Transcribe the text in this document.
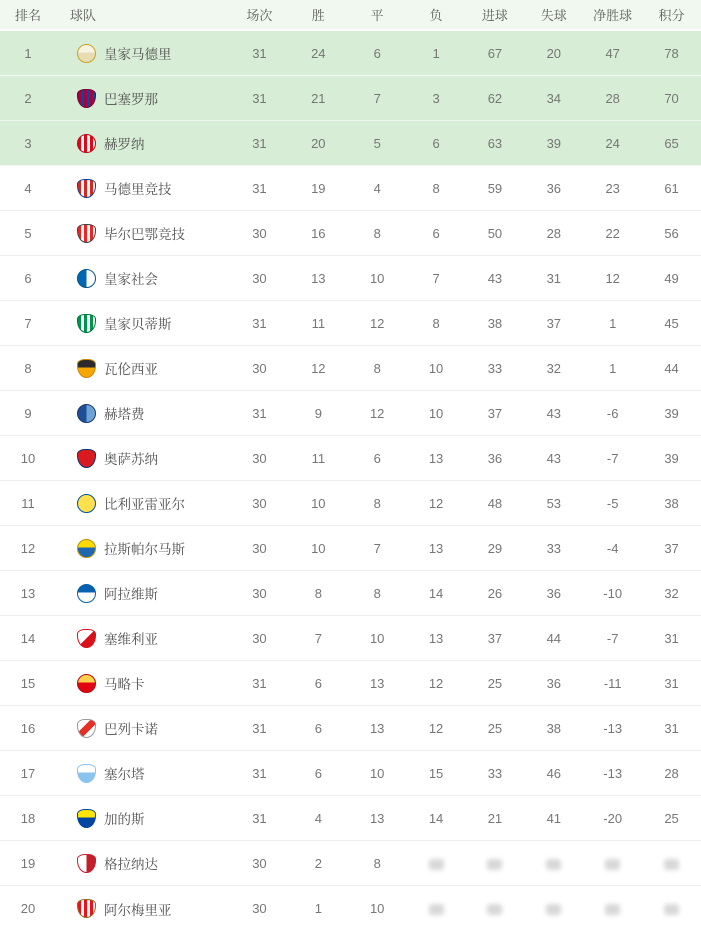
排名	球队	场次	胜	平	负	进球	失球	净胜球	积分
1	皇家马德里	31	24	6	1	67	20	47	78
2	巴塞罗那	31	21	7	3	62	34	28	70
3	赫罗纳	31	20	5	6	63	39	24	65
4	马德里竞技	31	19	4	8	59	36	23	61
5	毕尔巴鄂竞技	30	16	8	6	50	28	22	56
6	皇家社会	30	13	10	7	43	31	12	49
7	皇家贝蒂斯	31	11	12	8	38	37	1	45
8	瓦伦西亚	30	12	8	10	33	32	1	44
9	赫塔费	31	9	12	10	37	43	-6	39
10	奥萨苏纳	30	11	6	13	36	43	-7	39
11	比利亚雷亚尔	30	10	8	12	48	53	-5	38
12	拉斯帕尔马斯	30	10	7	13	29	33	-4	37
13	阿拉维斯	30	8	8	14	26	36	-10	32
14	塞维利亚	30	7	10	13	37	44	-7	31
15	马略卡	31	6	13	12	25	36	-11	31
16	巴列卡诺	31	6	13	12	25	38	-13	31
17	塞尔塔	31	6	10	15	33	46	-13	28
18	加的斯	31	4	13	14	21	41	-20	25
19	格拉纳达	30	2	8
20	阿尔梅里亚	30	1	10
